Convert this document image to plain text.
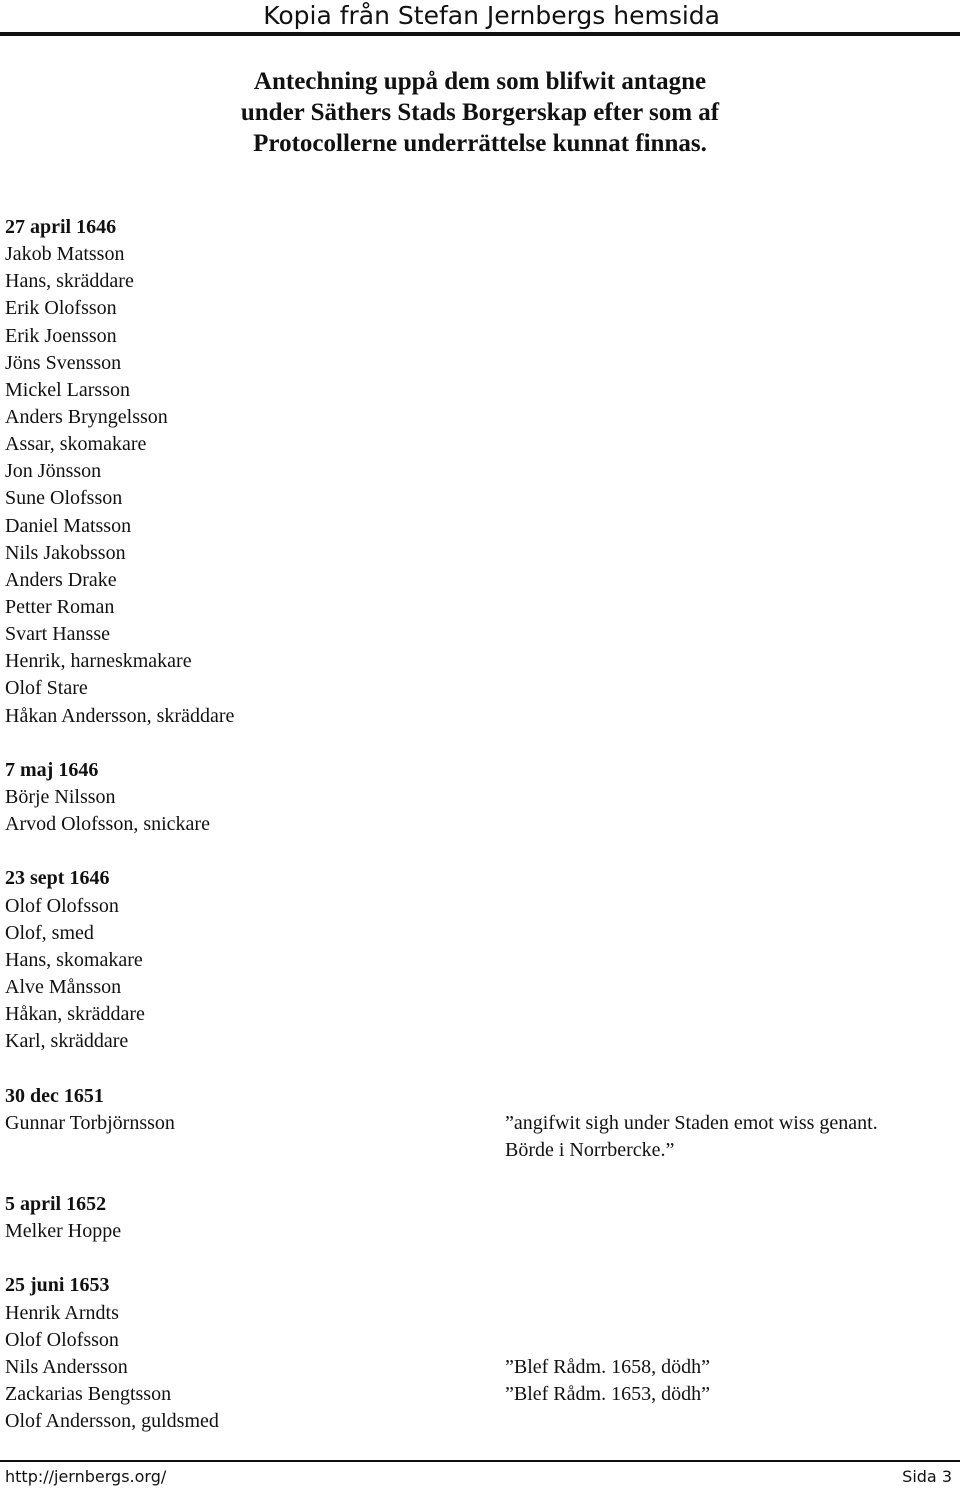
Kopia från Stefan Jernbergs hemsida
Antechning uppå dem som blifwit antagne
under Säthers Stads Borgerskap efter som af
Protocollerne underrättelse kunnat finnas.
27 april 1646
Jakob Matsson
Hans, skräddare
Erik Olofsson
Erik Joensson
Jöns Svensson
Mickel Larsson
Anders Bryngelsson
Assar, skomakare
Jon Jönsson
Sune Olofsson
Daniel Matsson
Nils Jakobsson
Anders Drake
Petter Roman
Svart Hansse
Henrik, harneskmakare
Olof Stare
Håkan Andersson, skräddare
7 maj 1646
Börje Nilsson
Arvod Olofsson, snickare
23 sept 1646
Olof Olofsson
Olof, smed
Hans, skomakare
Alve Månsson
Håkan, skräddare
Karl, skräddare
30 dec 1651
Gunnar Torbjörnsson	”angifwit sigh under Staden emot wiss genant.
Börde i Norrbercke.”
5 april 1652
Melker Hoppe
25 juni 1653
Henrik Arndts
Olof Olofsson
Nils Andersson	”Blef Rådm. 1658, dödh”
Zackarias Bengtsson	”Blef Rådm. 1653, dödh”
Olof Andersson, guldsmed
http://jernbergs.org/	Sida 3
